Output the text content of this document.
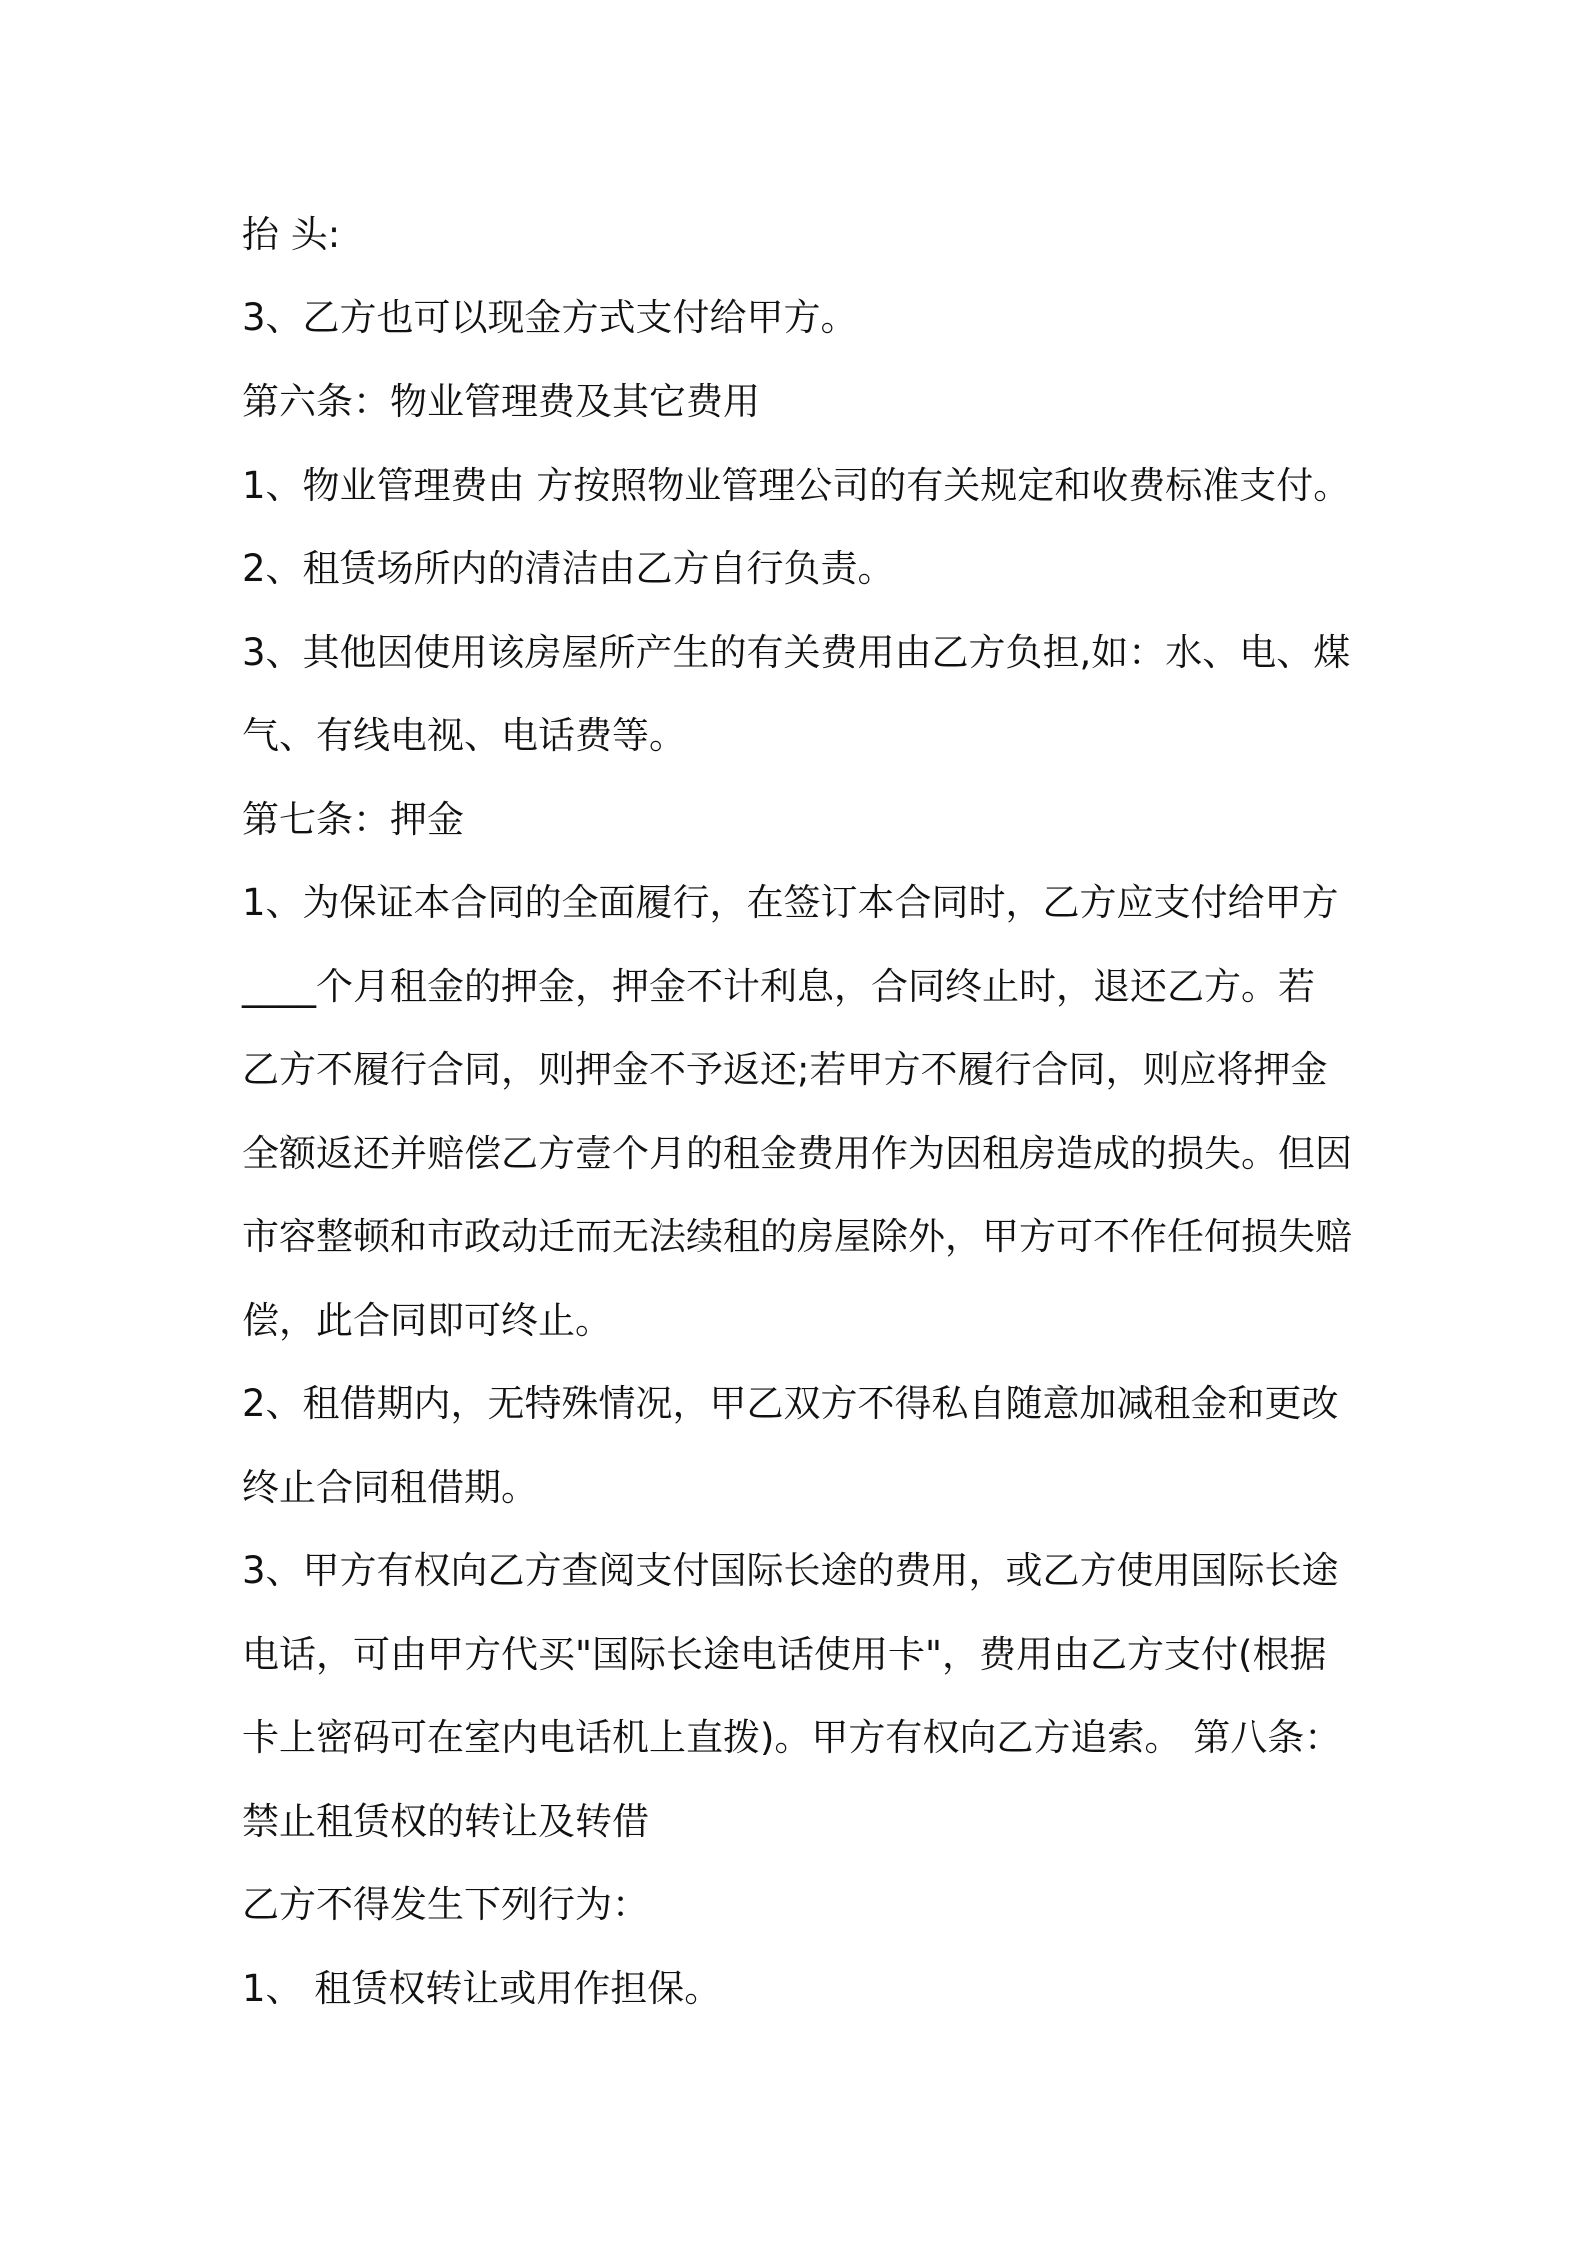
抬 头:

3、乙方也可以现金方式支付给甲方。

第六条：物业管理费及其它费用

1、物业管理费由 方按照物业管理公司的有关规定和收费标准支付。

2、租赁场所内的清洁由乙方自行负责。

3、其他因使用该房屋所产生的有关费用由乙方负担,如：水、电、煤

气、有线电视、电话费等。

第七条：押金

1、为保证本合同的全面履行，在签订本合同时，乙方应支付给甲方

____个月租金的押金，押金不计利息，合同终止时，退还乙方。若

乙方不履行合同，则押金不予返还;若甲方不履行合同，则应将押金

全额返还并赔偿乙方壹个月的租金费用作为因租房造成的损失。但因

市容整顿和市政动迁而无法续租的房屋除外，甲方可不作任何损失赔

偿，此合同即可终止。

2、租借期内，无特殊情况，甲乙双方不得私自随意加减租金和更改

终止合同租借期。

3、甲方有权向乙方查阅支付国际长途的费用，或乙方使用国际长途

电话，可由甲方代买"国际长途电话使用卡"，费用由乙方支付(根据

卡上密码可在室内电话机上直拨)。甲方有权向乙方追索。 第八条：

禁止租赁权的转让及转借

乙方不得发生下列行为：

1、 租赁权转让或用作担保。
